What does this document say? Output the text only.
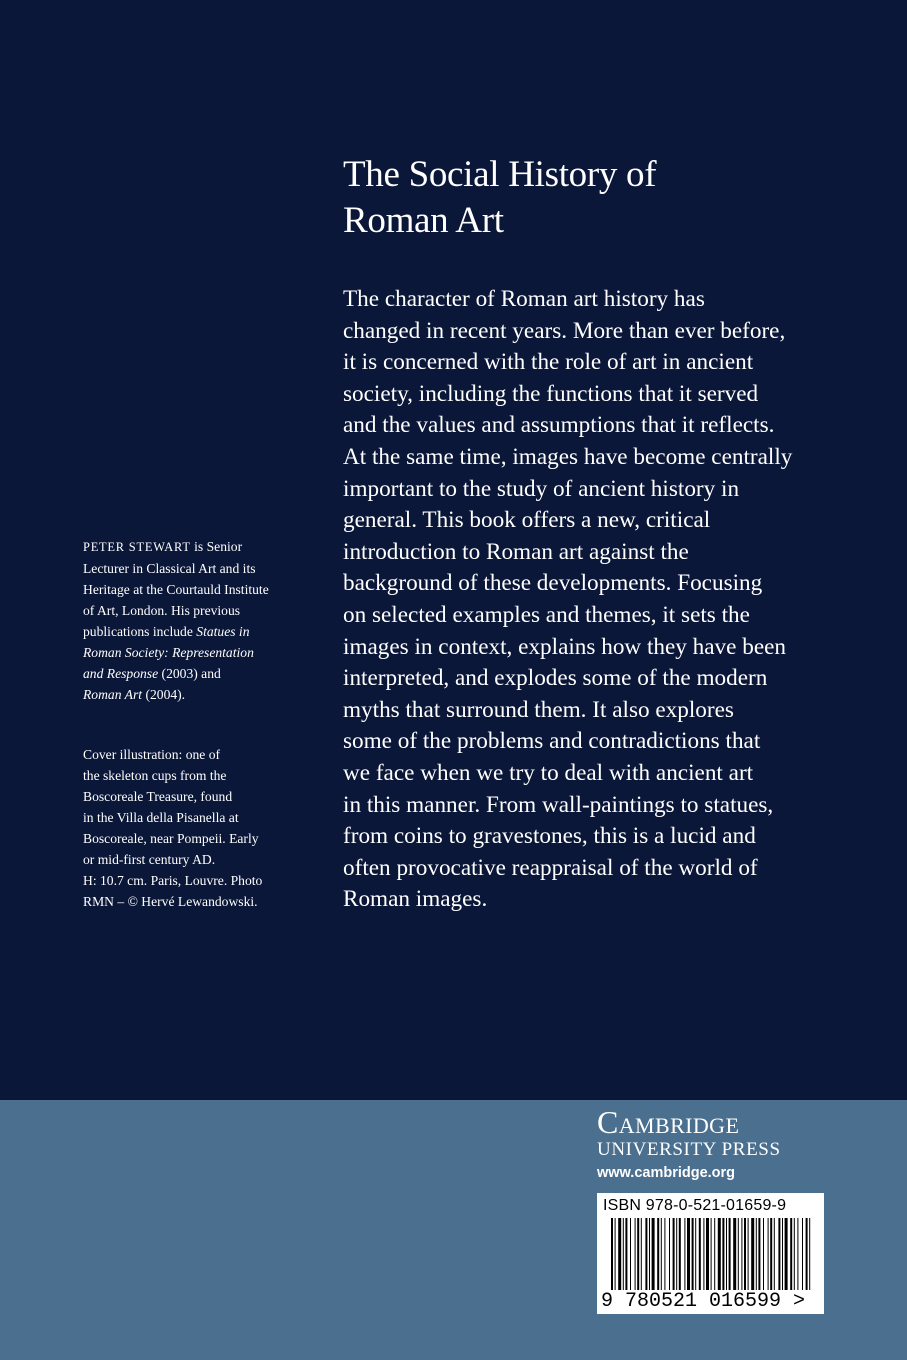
The Social History of
Roman Art

The character of Roman art history has
changed in recent years. More than ever before,
it is concerned with the role of art in ancient
society, including the functions that it served
and the values and assumptions that it reflects.
At the same time, images have become centrally
important to the study of ancient history in
general. This book offers a new, critical
introduction to Roman art against the
background of these developments. Focusing
on selected examples and themes, it sets the
images in context, explains how they have been
interpreted, and explodes some of the modern
myths that surround them. It also explores
some of the problems and contradictions that
we face when we try to deal with ancient art
in this manner. From wall-paintings to statues,
from coins to gravestones, this is a lucid and
often provocative reappraisal of the world of
Roman images.

PETER STEWART is Senior
Lecturer in Classical Art and its
Heritage at the Courtauld Institute
of Art, London. His previous
publications include Statues in
Roman Society: Representation
and Response (2003) and
Roman Art (2004).

Cover illustration: one of
the skeleton cups from the
Boscoreale Treasure, found
in the Villa della Pisanella at
Boscoreale, near Pompeii. Early
or mid-first century AD.
H: 10.7 cm. Paris, Louvre. Photo
RMN – © Hervé Lewandowski.

Cambridge
UNIVERSITY PRESS
www.cambridge.org
ISBN 978-0-521-01659-9
9 780521 016599 >
